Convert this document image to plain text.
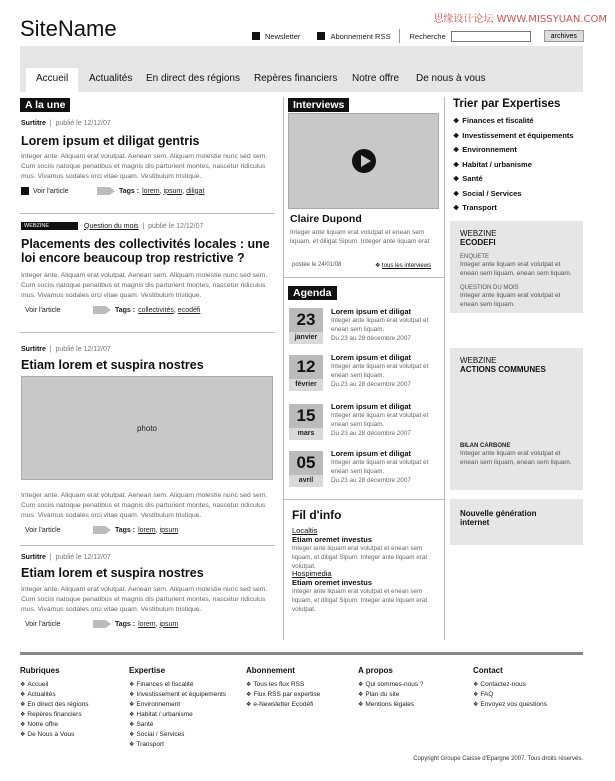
思缘设计论坛 WWW.MISSYUAN.COM
SiteName	Newsletter	Abonnement RSS	Recherche	archives
Accueil	Actualités	En direct des régions	Repères financiers	Notre offre	De nous à vous
A la une
Surtitre  |  publié le 12/12/07
Lorem ipsum et diligat gentris
Integer ante. Aliquam erat volutpat. Aenean sem. Aliquam molestie nunc sed sem. Cum sociis natoque penatibus et magnis dis parturient montes, nascetur ridiculus mus. Vivamus sodales orci vitae quam. Vestibulum tristique.
Voir l'article	Tags : lorem , ipsum , diligat
WEBZINE ECODEFI	Question du mois | publié le 12/12/07
Placements des collectivités locales : une loi encore beaucoup trop restrictive ?
Integer ante. Aliquam erat volutpat. Aenean sem. Aliquam molestie nunc sed sem. Cum sociis natoque penatibus et magnis dis parturient montes, nascetur ridiculus mus. Vivamus sodales orci vitae quam. Vestibulum tristique.
Voir l'article	Tags : collectivités , ecodéfi
Surtitre  |  publié le 12/12/07
Etiam lorem et suspira nostres
photo
Integer ante. Aliquam erat volutpat. Aenean sem. Aliquam molestie nunc sed sem. Cum sociis natoque penatibus et magnis dis parturient montes, nascetur ridiculus mus. Vivamus sodales orci vitae quam. Vestibulum tristique.
Voir l'article	Tags : lorem , ipsum
Surtitre  |  publié le 12/12/07
Etiam lorem et suspira nostres
Integer ante. Aliquam erat volutpat. Aenean sem. Aliquam molestie nunc sed sem. Cum sociis natoque penatibus et magnis dis parturient montes, nascetur ridiculus mus. Vivamus sodales orci vitae quam. Vestibulum tristique.
Voir l'article	Tags : lorem , ipsum
Interviews
Claire Dupond
Integer ante liquam erat volutpat et enean sem liquam, et diligat Sipum. Integer ante liquam erat
postée le 24/01/08	❖ tous les interviews
Agenda
23
janvier
Lorem ipsum et diligat
Integer ante liquam erat volutpat et enean sem liquam.
Du 23 au 28 décembre 2007
12
février
Lorem ipsum et diligat
Integer ante liquam erat volutpat et enean sem liquam.
Du 23 au 28 décembre 2007
15
mars
Lorem ipsum et diligat
Integer ante liquam erat volutpat et enean sem liquam.
Du 23 au 28 décembre 2007
05
avril
Lorem ipsum et diligat
Integer ante liquam erat volutpat et enean sem liquam.
Du 23 au 28 décembre 2007
Fil d'info
Localtis
Etiam oremet investus
Integer ante liquam erat volutpat et enean sem liquam, et diligat Sipum. Integer ante liquam erat volutpat.
Hospimedia
Etiam oremet investus
Integer ante liquam erat volutpat et enean sem liquam, et diligat Sipum. Integer ante liquam erat volutpat.
Trier par Expertises
❖ Finances et fiscalité
❖ Investissement et équipements
❖ Environnement
❖ Habitat / urbanisme
❖ Santé
❖ Social / Services
❖ Transport
WEBZINE
ECODEFI
ENQUETE
Integer ante liquam erat volutpat et enean sem liquam, enean sem liquam.
QUESTION DU MOIS
Integer ante liquam erat volutpat et enean sem liquam.
WEBZINE
ACTIONS COMMUNES
BILAN CARBONE
Integer ante liquam erat volutpat et enean sem liquam, enean sem liquam.
Nouvelle génération
internet
Rubriques
❖ Accueil
❖ Actualités
❖ En direct des régions
❖ Repères financiers
❖ Notre offre
❖ De Nous à Vous
Expertise
❖ Finances et fiscalité
❖ Investissement et équipements
❖ Environnement
❖ Habitat / urbanisme
❖ Santé
❖ Social / Services
❖ Transport
Abonnement
❖ Tous les flux RSS
❖ Flux RSS par expertise
❖ e-Newsletter Ecodéfi
A propos
❖ Qui sommes-nous ?
❖ Plan du site
❖ Mentions légales
Contact
❖ Contactez-nous
❖ FAQ
❖ Envoyez vos questions
Copyright Groupe Caisse d'Epargne 2007. Tous droits réservés.
